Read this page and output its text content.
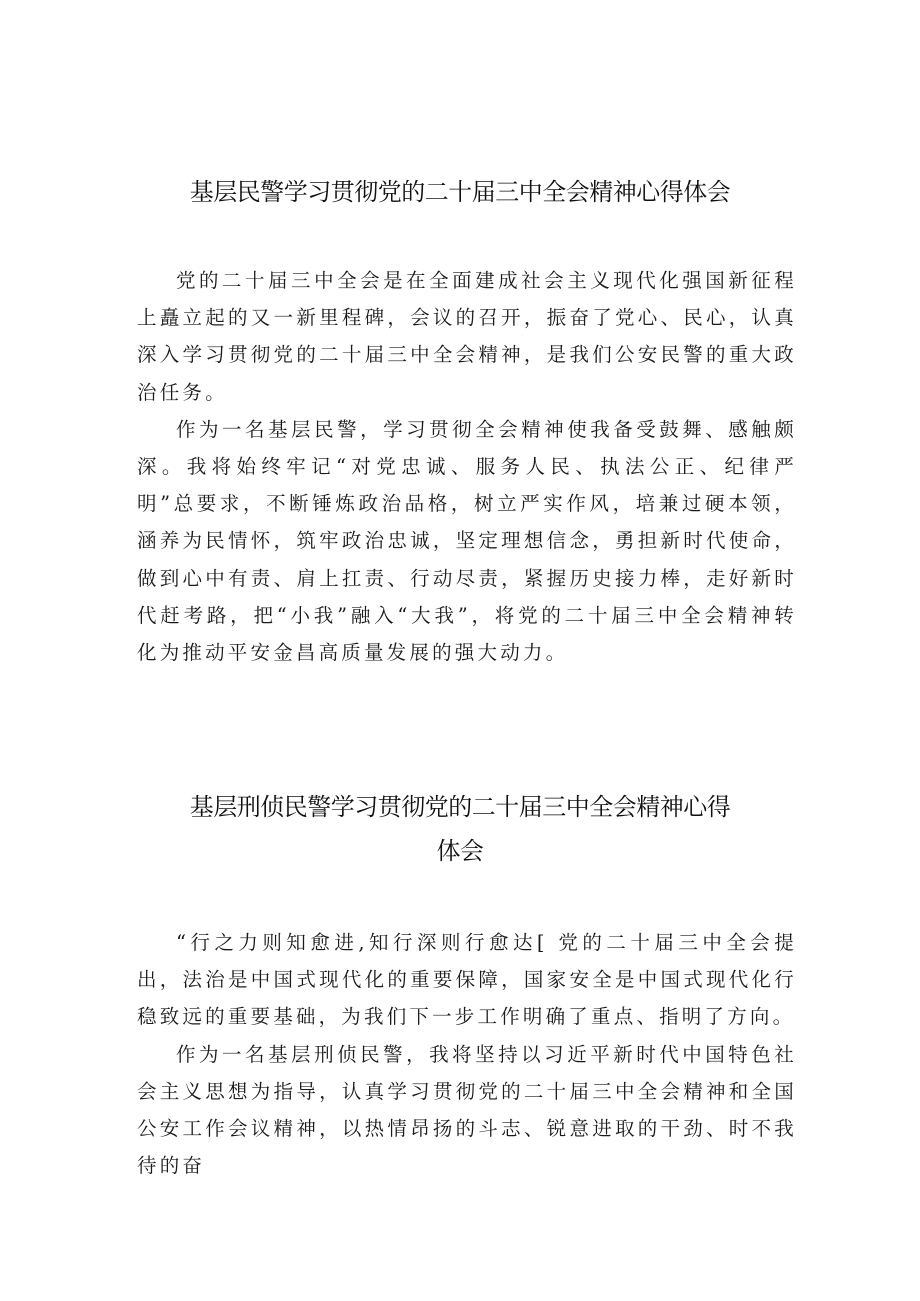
基层民警学习贯彻党的二十届三中全会精神心得体会

党的二十届三中全会是在全面建成社会主义现代化强国新征程上矗立起的又一新里程碑，会议的召开，振奋了党心、民心，认真深入学习贯彻党的二十届三中全会精神，是我们公安民警的重大政治任务。

作为一名基层民警，学习贯彻全会精神使我备受鼓舞、感触颇深。我将始终牢记“对党忠诚、服务人民、执法公正、纪律严明”总要求，不断锤炼政治品格，树立严实作风，培兼过硬本领，涵养为民情怀，筑牢政治忠诚，坚定理想信念，勇担新时代使命，做到心中有责、肩上扛责、行动尽责，紧握历史接力棒，走好新时代赶考路，把“小我”融入“大我”，将党的二十届三中全会精神转化为推动平安金昌高质量发展的强大动力。

基层刑侦民警学习贯彻党的二十届三中全会精神心得
体会

“行之力则知愈进,知行深则行愈达[ 党的二十届三中全会提出，法治是中国式现代化的重要保障，国家安全是中国式现代化行稳致远的重要基础，为我们下一步工作明确了重点、指明了方向。

作为一名基层刑侦民警，我将坚持以习近平新时代中国特色社会主义思想为指导，认真学习贯彻党的二十届三中全会精神和全国公安工作会议精神，以热情昂扬的斗志、锐意进取的干劲、时不我待的奋
